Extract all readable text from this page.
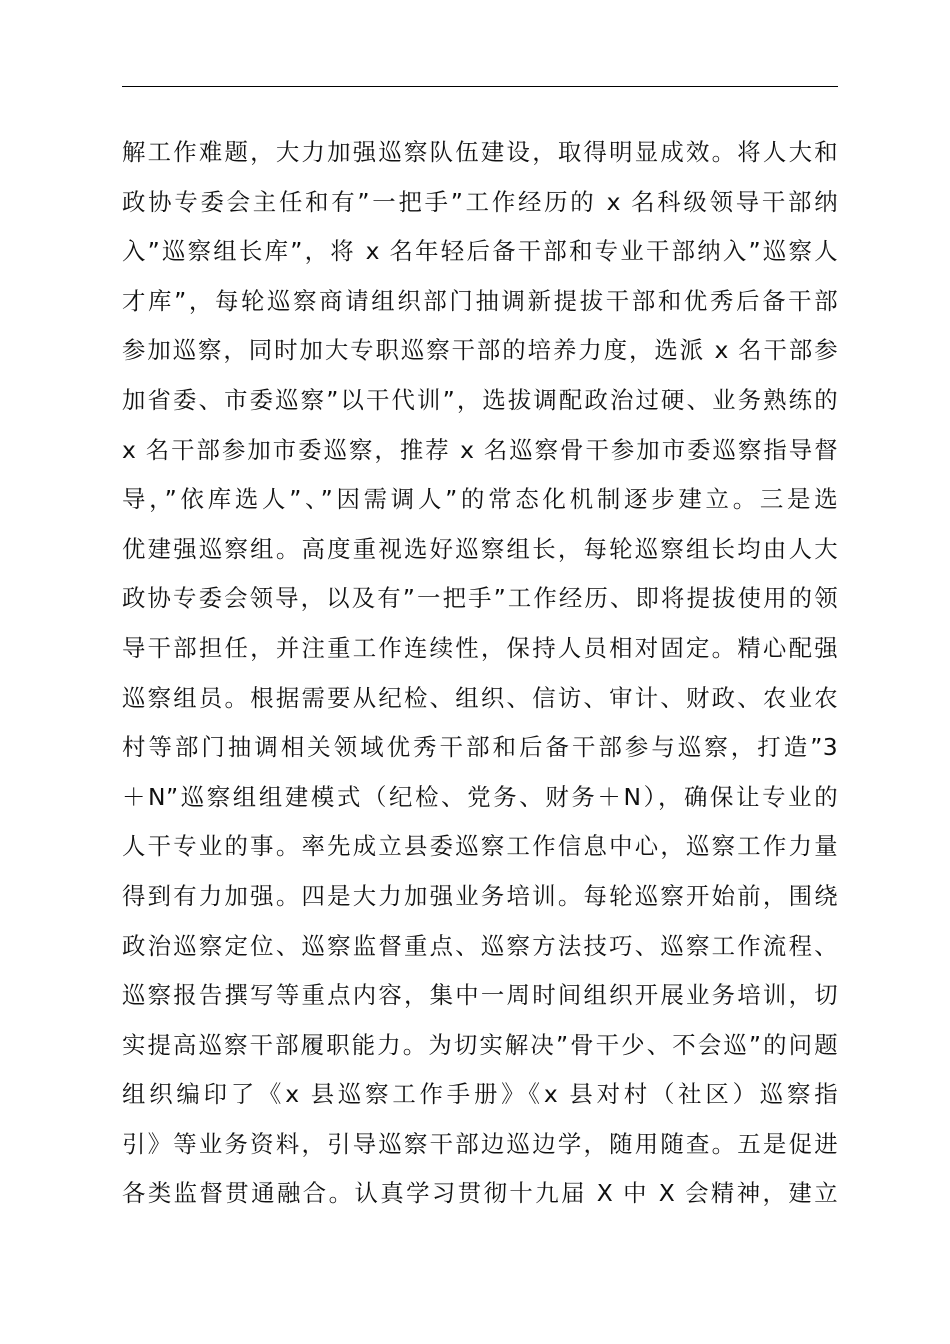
解工作难题，大力加强巡察队伍建设，取得明显成效。将人大和
政协专委会主任和有”一把手”工作经历的 x 名科级领导干部纳
入”巡察组长库”，将 x 名年轻后备干部和专业干部纳入”巡察人
才库”，每轮巡察商请组织部门抽调新提拔干部和优秀后备干部
参加巡察，同时加大专职巡察干部的培养力度，选派 x 名干部参
加省委、市委巡察”以干代训”，选拔调配政治过硬、业务熟练的
x 名干部参加市委巡察，推荐 x 名巡察骨干参加市委巡察指导督
导，”依库选人”、”因需调人”的常态化机制逐步建立。三是选
优建强巡察组。高度重视选好巡察组长，每轮巡察组长均由人大
政协专委会领导，以及有”一把手”工作经历、即将提拔使用的领
导干部担任，并注重工作连续性，保持人员相对固定。精心配强
巡察组员。根据需要从纪检、组织、信访、审计、财政、农业农
村等部门抽调相关领域优秀干部和后备干部参与巡察，打造”3
＋N”巡察组组建模式（纪检、党务、财务＋N），确保让专业的
人干专业的事。率先成立县委巡察工作信息中心，巡察工作力量
得到有力加强。四是大力加强业务培训。每轮巡察开始前，围绕
政治巡察定位、巡察监督重点、巡察方法技巧、巡察工作流程、
巡察报告撰写等重点内容，集中一周时间组织开展业务培训，切
实提高巡察干部履职能力。为切实解决”骨干少、不会巡”的问题
组织编印了《x 县巡察工作手册》《x 县对村（社区）巡察指
引》等业务资料，引导巡察干部边巡边学，随用随查。五是促进
各类监督贯通融合。认真学习贯彻十九届 X 中 X 会精神，建立
